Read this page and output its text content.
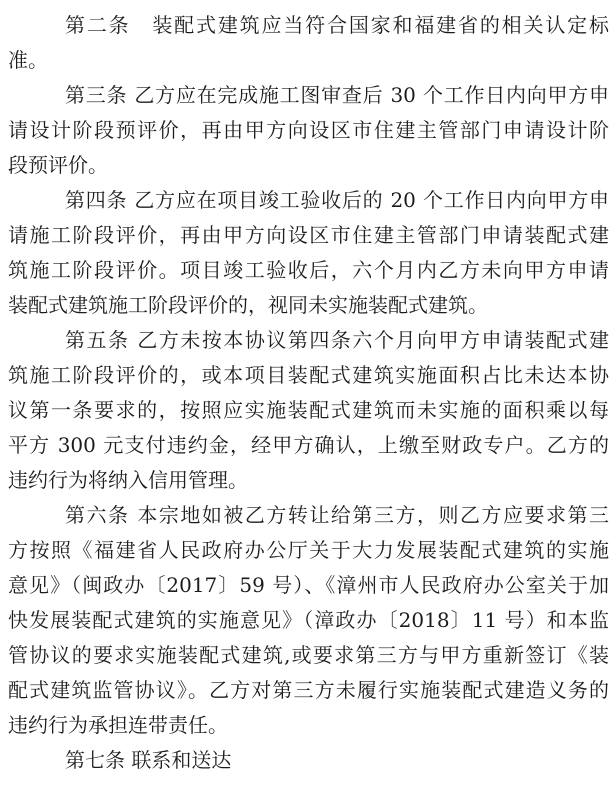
第二条　装配式建筑应当符合国家和福建省的相关认定标
准。
第三条 乙方应在完成施工图审查后 30 个工作日内向甲方申
请设计阶段预评价，再由甲方向设区市住建主管部门申请设计阶
段预评价。
第四条 乙方应在项目竣工验收后的 20 个工作日内向甲方申
请施工阶段评价，再由甲方向设区市住建主管部门申请装配式建
筑施工阶段评价。项目竣工验收后，六个月内乙方未向甲方申请
装配式建筑施工阶段评价的，视同未实施装配式建筑。
第五条 乙方未按本协议第四条六个月向甲方申请装配式建
筑施工阶段评价的，或本项目装配式建筑实施面积占比未达本协
议第一条要求的，按照应实施装配式建筑而未实施的面积乘以每
平方 300 元支付违约金，经甲方确认，上缴至财政专户。乙方的
违约行为将纳入信用管理。
第六条 本宗地如被乙方转让给第三方，则乙方应要求第三
方按照《福建省人民政府办公厅关于大力发展装配式建筑的实施
意见》（闽政办〔2017〕59 号）、《漳州市人民政府办公室关于加
快发展装配式建筑的实施意见》（漳政办〔2018〕11 号）和本监
管协议的要求实施装配式建筑,或要求第三方与甲方重新签订《装
配式建筑监管协议》。乙方对第三方未履行实施装配式建造义务的
违约行为承担连带责任。
第七条 联系和送达
